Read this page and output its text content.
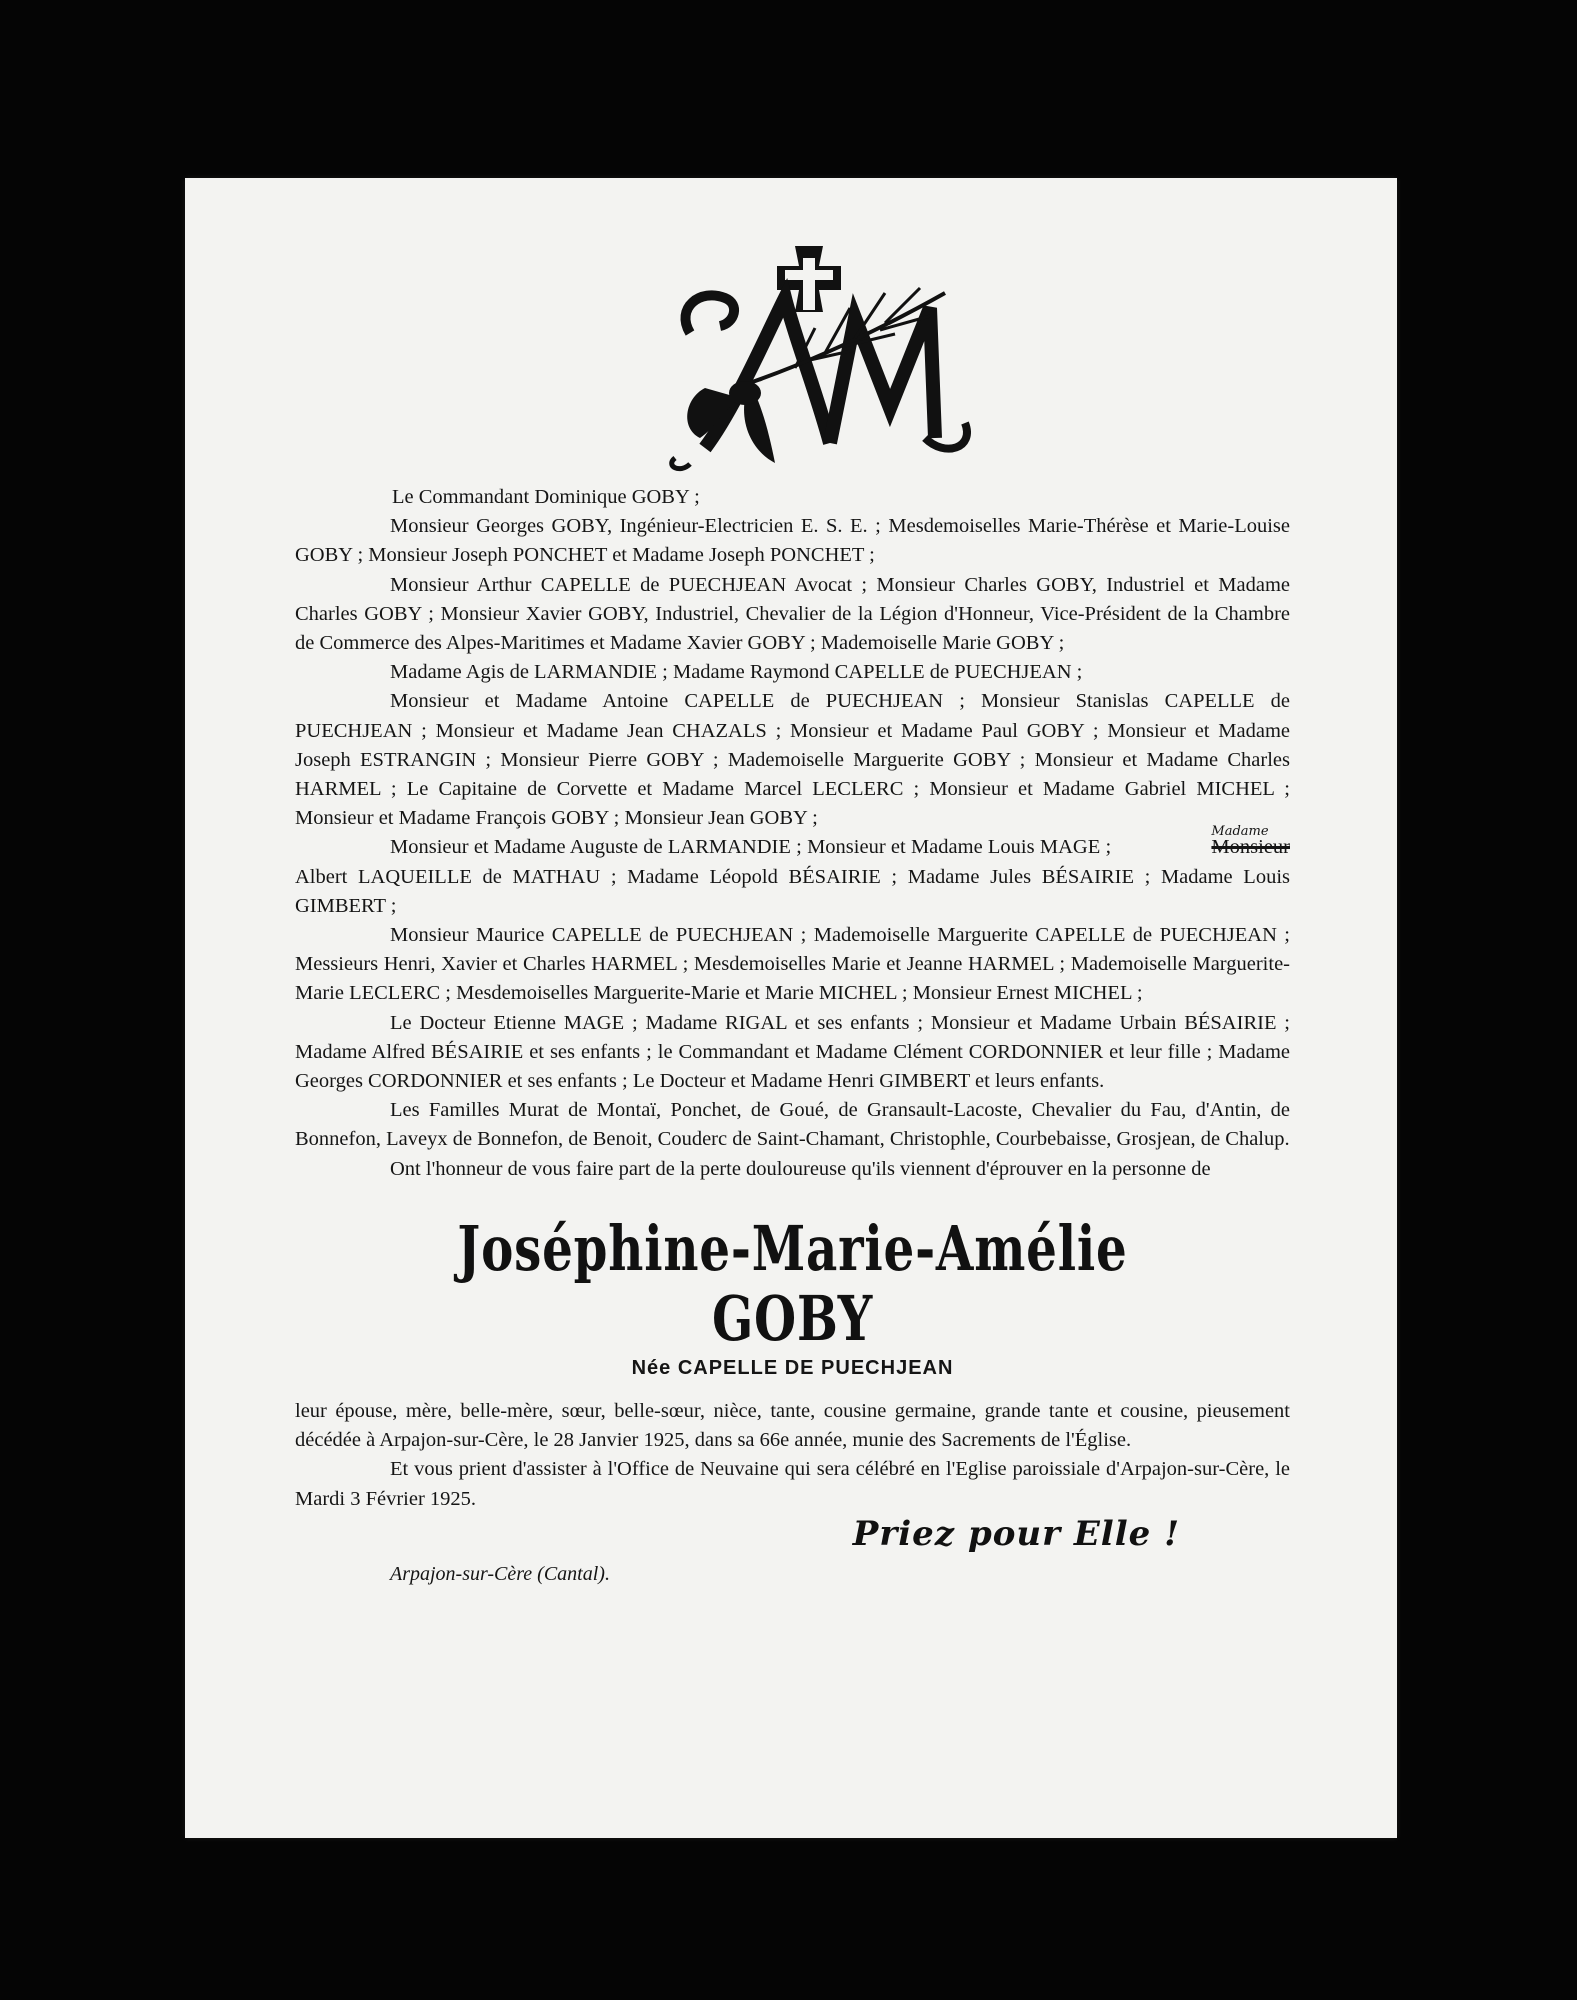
Le Commandant Dominique GOBY ;

Monsieur Georges GOBY, Ingénieur-Electricien E. S. E. ; Mesdemoiselles Marie-Thérèse et Marie-Louise GOBY ; Monsieur Joseph PONCHET et Madame Joseph PONCHET ;

Monsieur Arthur CAPELLE de PUECHJEAN Avocat ; Monsieur Charles GOBY, Industriel et Madame Charles GOBY ; Monsieur Xavier GOBY, Industriel, Chevalier de la Légion d'Honneur, Vice-Président de la Chambre de Commerce des Alpes-Maritimes et Madame Xavier GOBY ; Mademoiselle Marie GOBY ;

Madame Agis de LARMANDIE ; Madame Raymond CAPELLE de PUECHJEAN ;

Monsieur et Madame Antoine CAPELLE de PUECHJEAN ; Monsieur Stanislas CAPELLE de PUECHJEAN ; Monsieur et Madame Jean CHAZALS ; Monsieur et Madame Paul GOBY ; Monsieur et Madame Joseph ESTRANGIN ; Monsieur Pierre GOBY ; Mademoiselle Marguerite GOBY ; Monsieur et Madame Charles HARMEL ; Le Capitaine de Corvette et Madame Marcel LECLERC ; Monsieur et Madame Gabriel MICHEL ; Monsieur et Madame François GOBY ; Monsieur Jean GOBY ;

Monsieur et Madame Auguste de LARMANDIE ; Monsieur et Madame Louis MAGE ;
Madame
Monsieur Albert LAQUEILLE de MATHAU ; Madame Léopold BÉSAIRIE ; Madame Jules BÉSAIRIE ; Madame Louis GIMBERT ;

Monsieur Maurice CAPELLE de PUECHJEAN ; Mademoiselle Marguerite CAPELLE de PUECHJEAN ; Messieurs Henri, Xavier et Charles HARMEL ; Mesdemoiselles Marie et Jeanne HARMEL ; Mademoiselle Marguerite-Marie LECLERC ; Mesdemoiselles Marguerite-Marie et Marie MICHEL ; Monsieur Ernest MICHEL ;

Le Docteur Etienne MAGE ; Madame RIGAL et ses enfants ; Monsieur et Madame Urbain BÉSAIRIE ; Madame Alfred BÉSAIRIE et ses enfants ; le Commandant et Madame Clément CORDONNIER et leur fille ; Madame Georges CORDONNIER et ses enfants ; Le Docteur et Madame Henri GIMBERT et leurs enfants.

Les Familles Murat de Montaï, Ponchet, de Goué, de Gransault-Lacoste, Chevalier du Fau, d'Antin, de Bonnefon, Laveyx de Bonnefon, de Benoit, Couderc de Saint-Chamant, Christophle, Courbebaisse, Grosjean, de Chalup.

Ont l'honneur de vous faire part de la perte douloureuse qu'ils viennent d'éprouver en la personne de

Joséphine-Marie-Amélie GOBY
Née CAPELLE DE PUECHJEAN

leur épouse, mère, belle-mère, sœur, belle-sœur, nièce, tante, cousine germaine, grande tante et cousine, pieusement décédée à Arpajon-sur-Cère, le 28 Janvier 1925, dans sa 66e année, munie des Sacrements de l'Église.

Et vous prient d'assister à l'Office de Neuvaine qui sera célébré en l'Eglise paroissiale d'Arpajon-sur-Cère, le Mardi 3 Février 1925.

Priez pour Elle !
Arpajon-sur-Cère (Cantal).
